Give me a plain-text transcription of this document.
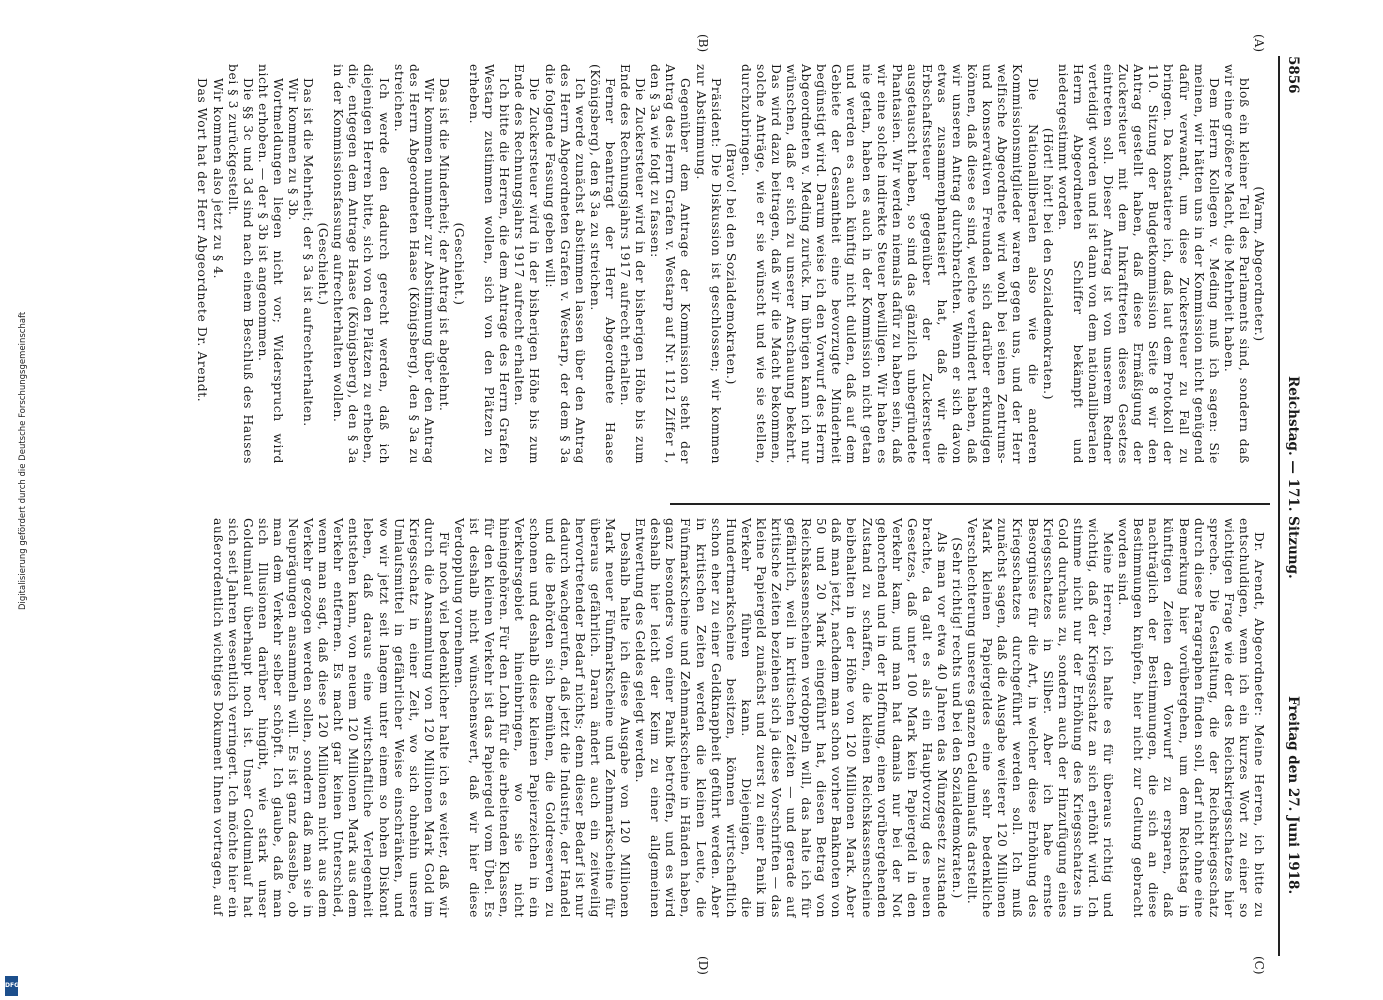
5856
Reichstag. — 171. Sitzung.
Freitag den 27. Juni 1918.
(A)
(B)
(C)
(D)

(Warm, Abgeordneter.)

bloß ein kleiner Teil des Parlaments sind, sondern daß wir eine größere Macht, die Mehrheit haben.

Dem Herrn Kollegen v. Meding muß ich sagen: Sie meinen, wir hätten uns in der Kommission nicht genügend dafür verwandt, um diese Zuckersteuer zu Fall zu bringen. Da konstatiere ich, daß laut dem Protokoll der 110. Sitzung der Budgetkommission Seite 8 wir den Antrag gestellt haben, daß diese Ermäßigung der Zuckersteuer mit dem Inkrafttreten dieses Gesetzes eintreten soll. Dieser Antrag ist von unserem Redner verteidigt worden und ist dann von dem nationalliberalen Herrn Abgeordneten Schiffer bekämpft und niedergestimmt worden.

(Hört! hört! bei den Sozialdemokraten.)

Die Nationalliberalen also wie die anderen Kommissionsmitglieder waren gegen uns, und der Herr welfische Abgeordnete wird wohl bei seinen Zentrums- und konservativen Freunden sich darüber erkundigen können, daß diese es sind, welche verhindert haben, daß wir unseren Antrag durchbrachten. Wenn er sich davon etwas zusammenphantasiert hat, daß wir die Erbschaftssteuer gegenüber der Zuckersteuer ausgetauscht haben, so sind das gänzlich unbegründete Phantasien. Wir werden niemals dafür zu haben sein, daß wir eine solche indirekte Steuer bewilligen. Wir haben es nie getan, haben es auch in der Kommission nicht getan und werden es auch künftig nicht dulden, daß auf dem Gebiete der Gesamtheit eine bevorzugte Minderheit begünstigt wird. Darum weise ich den Vorwurf des Herrn Abgeordneten v. Meding zurück. Im übrigen kann ich nur wünschen, daß er sich zu unserer Anschauung bekehrt. Das wird dazu beitragen, daß wir die Macht bekommen, solche Anträge, wie er sie wünscht und wie sie stellen, durchzubringen.

(Bravo! bei den Sozialdemokraten.)

Präsident: Die Diskussion ist geschlossen; wir kommen zur Abstimmung.

Gegenüber dem Antrage der Kommission steht der Antrag des Herrn Grafen v. Westarp auf Nr. 1121 Ziffer 1, den § 3a wie folgt zu fassen:

Die Zuckersteuer wird in der bisherigen Höhe bis zum Ende des Rechnungsjahrs 1917 aufrecht erhalten.

Ferner beantragt der Herr Abgeordnete Haase (Königsberg), den § 3a zu streichen.

Ich werde zunächst abstimmen lassen über den Antrag des Herrn Abgeordneten Grafen v. Westarp, der dem § 3a die folgende Fassung geben will:

Die Zuckersteuer wird in der bisherigen Höhe bis zum Ende des Rechnungsjahrs 1917 aufrecht erhalten.

Ich bitte die Herren, die dem Antrage des Herrn Grafen Westarp zustimmen wollen, sich von den Plätzen zu erheben.

(Geschieht.)

Das ist die Minderheit; der Antrag ist abgelehnt.

Wir kommen nunmehr zur Abstimmung über den Antrag des Herrn Abgeordneten Haase (Königsberg), den § 3a zu streichen.

Ich werde den dadurch gerecht werden, daß ich diejenigen Herren bitte, sich von den Plätzen zu erheben, die, entgegen dem Antrage Haase (Königsberg), den § 3a in der Kommissionsfassung aufrechterhalten wollen.

(Geschieht.)

Das ist die Mehrheit; der § 3a ist aufrechterhalten.

Wir kommen zu § 3b.

Wortmeldungen liegen nicht vor; Widerspruch wird nicht erhoben. — der § 3b ist angenommen.

Die §§ 3c und 3d sind nach einem Beschluß des Hauses bei § 3 zurückgestellt.

Wir kommen also jetzt zu § 4.

Das Wort hat der Herr Abgeordnete Dr. Arendt.

Dr. Arendt, Abgeordneter: Meine Herren, ich bitte zu entschuldigen, wenn ich ein kurzes Wort zu einer so wichtigen Frage wie der des Reichskriegsschatzes hier spreche. Die Gestaltung, die der Reichskriegsschatz durch diese Paragraphen finden soll, darf nicht ohne eine Bemerkung hier vorübergehen, um dem Reichstag in künftigen Zeiten den Vorwurf zu ersparen, daß nachträglich der Bestimmungen, die sich an diese Bestimmungen knüpfen, hier nicht zur Geltung gebracht worden sind.

Meine Herren, ich halte es für überaus richtig und wichtig, daß der Kriegsschatz an sich erhöht wird. Ich stimme nicht nur der Erhöhung des Kriegsschatzes in Gold durchaus zu, sondern auch der Hinzufügung eines Kriegsschatzes in Silber. Aber ich habe ernste Besorgnisse für die Art, in welcher diese Erhöhung des Kriegsschatzes durchgeführt werden soll. Ich muß zunächst sagen, daß die Ausgabe weiterer 120 Millionen Mark kleinen Papiergeldes eine sehr bedenkliche Verschlechterung unseres ganzen Geldumlaufs darstellt.

(Sehr richtig! rechts und bei den Sozialdemokraten.)

Als man vor etwa 40 Jahren das Münzgesetz zustande brachte, da galt es als ein Hauptvorzug des neuen Gesetzes, daß unter 100 Mark kein Papiergeld in den Verkehr kam, und man hat damals nur bei der Not gehorchend und in der Hoffnung, einen vorübergehenden Zustand zu schaffen, die kleinen Reichskassenscheine beibehalten in der Höhe von 120 Millionen Mark. Aber daß man jetzt, nachdem man schon vorher Banknoten von 50 und 20 Mark eingeführt hat, diesen Betrag von Reichskassenscheinen verdoppeln will, das halte ich für gefährlich, weil in kritischen Zeiten — und gerade auf kritische Zeiten beziehen sich ja diese Vorschriften — das kleine Papiergeld zunächst und zuerst zu einer Panik im Verkehr führen kann. Diejenigen, die Hundertmarkscheine besitzen, können wirtschaftlich schon eher zu einer Geldknappheit geführt werden. Aber in kritischen Zeiten werden die kleinen Leute, die Fünfmarkscheine und Zehnmarkscheine in Händen haben, ganz besonders von einer Panik betroffen, und es wird deshalb hier leicht der Keim zu einer allgemeinen Entwertung des Geldes gelegt werden.

Deshalb halte ich diese Ausgabe von 120 Millionen Mark neuer Fünfmarkscheine und Zehnmarkscheine für überaus gefährlich. Daran ändert auch ein zeitweilig hervortretender Bedarf nichts; denn dieser Bedarf ist nur dadurch wachgerufen, daß jetzt die Industrie, der Handel und die Behörden sich bemühen, die Goldreserven zu schonen und deshalb diese kleinen Papierzeichen in ein Verkehrsgebiet hineinbringen, wo sie nicht hineingehören. Für den Lohn für die arbeitenden Klassen, für den kleinen Verkehr ist das Papiergeld vom Übel. Es ist deshalb nicht wünschenswert, daß wir hier diese Verdopplung vornehmen.

Für noch viel bedenklicher halte ich es weiter, daß wir durch die Ansammlung von 120 Millionen Mark Gold im Kriegsschatz in einer Zeit, wo sich ohnehin unsere Umlaufsmittel in gefährlicher Weise einschränken, und wo wir jetzt seit langem unter einem so hohen Diskont leben, daß daraus eine wirtschaftliche Verlegenheit entstehen kann, von neuem 120 Millionen Mark aus dem Verkehr entfernen. Es macht gar keinen Unterschied, wenn man sagt, daß diese 120 Millionen nicht aus dem Verkehr gezogen werden sollen, sondern daß man sie in Neuprägungen ansammeln will. Es ist ganz dasselbe, ob man dem Verkehr selber schöpft. Ich glaube, daß man sich Illusionen darüber hingibt, wie stark unser Goldumlauf überhaupt noch ist. Unser Goldumlauf hat sich seit Jahren wesentlich verringert. Ich möchte hier ein außerordentlich wichtiges Dokument Ihnen vortragen, auf

Digitalisierung gefördert durch die Deutsche Forschungsgemeinschaft
DFG
